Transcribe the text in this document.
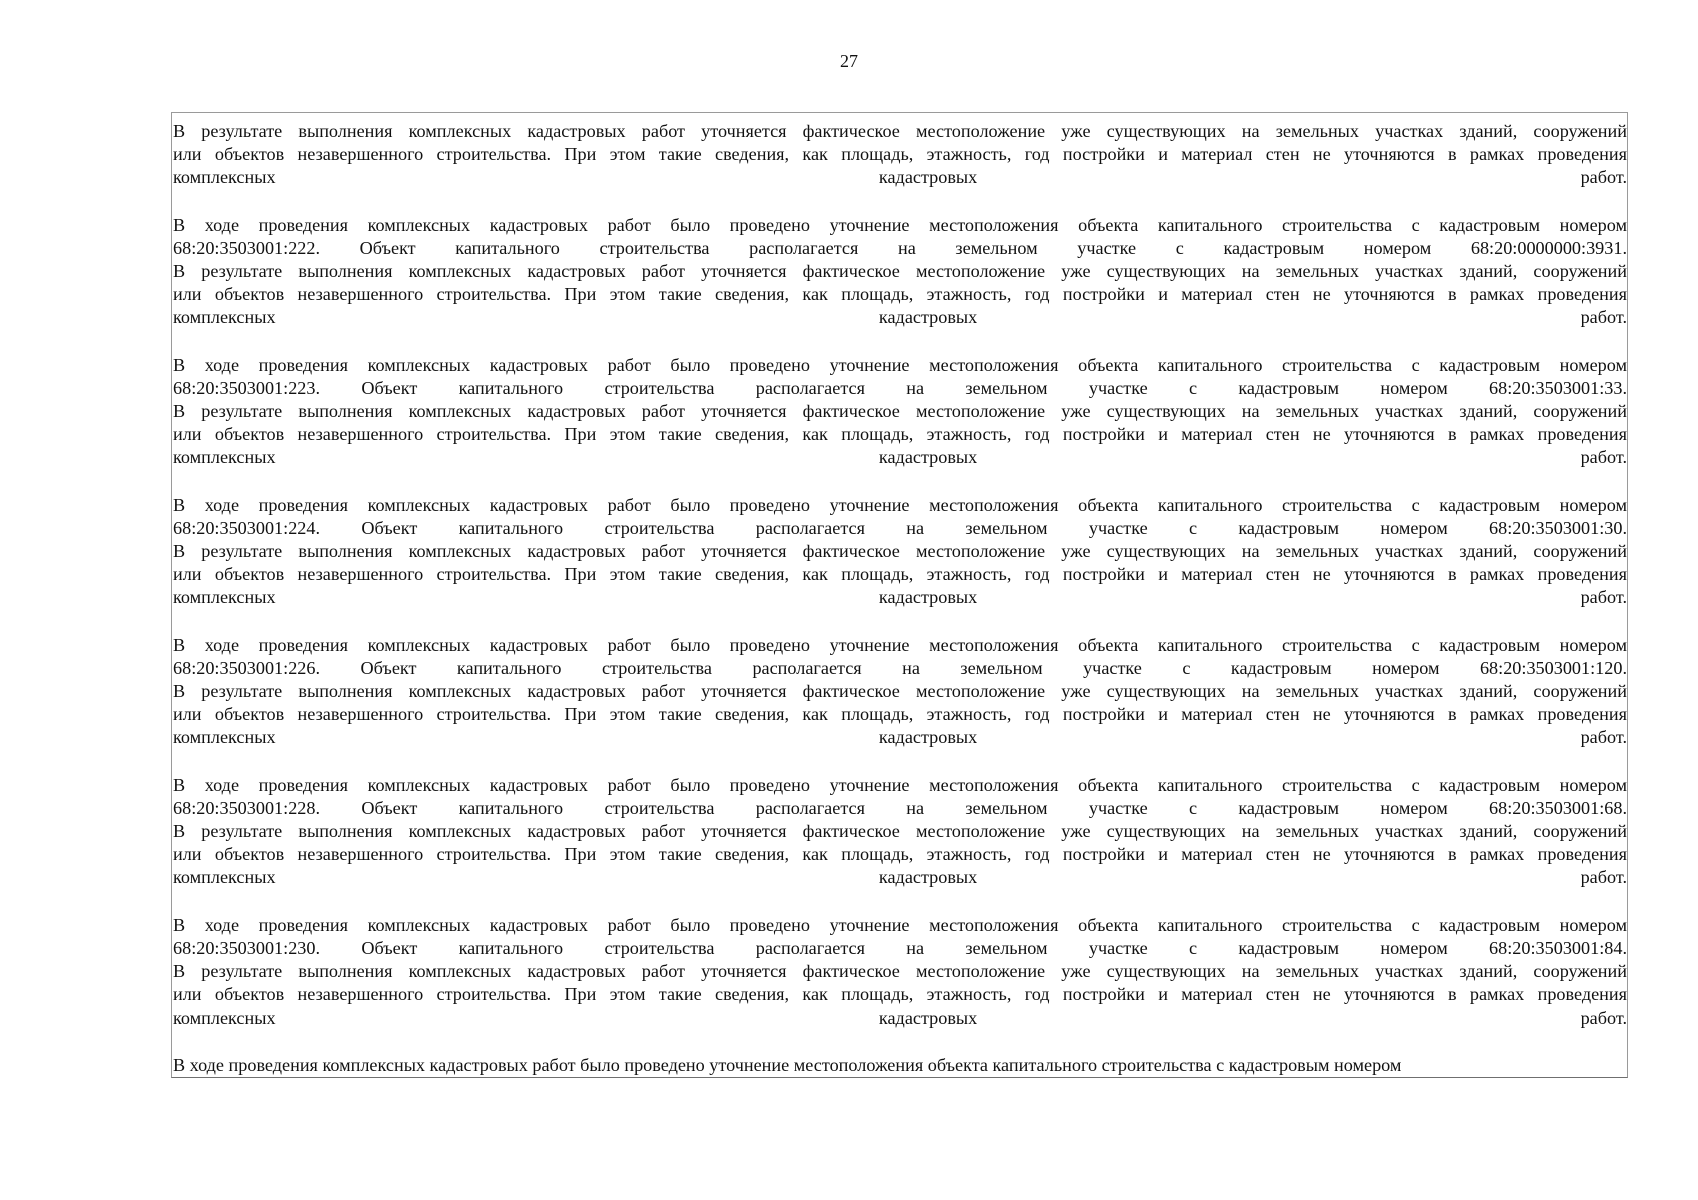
27
В результате выполнения комплексных кадастровых работ уточняется фактическое местоположение уже существующих на земельных участках зданий, сооружений
или объектов незавершенного строительства. При этом такие сведения, как площадь, этажность, год постройки и материал стен не уточняются в рамках проведения
комплексных кадастровых работ.
В ходе проведения комплексных кадастровых работ было проведено уточнение местоположения объекта капитального строительства с кадастровым номером
68:20:3503001:222. Объект капитального строительства располагается на земельном участке с кадастровым номером 68:20:0000000:3931.
В результате выполнения комплексных кадастровых работ уточняется фактическое местоположение уже существующих на земельных участках зданий, сооружений
или объектов незавершенного строительства. При этом такие сведения, как площадь, этажность, год постройки и материал стен не уточняются в рамках проведения
комплексных кадастровых работ.
В ходе проведения комплексных кадастровых работ было проведено уточнение местоположения объекта капитального строительства с кадастровым номером
68:20:3503001:223. Объект капитального строительства располагается на земельном участке с кадастровым номером 68:20:3503001:33.
В результате выполнения комплексных кадастровых работ уточняется фактическое местоположение уже существующих на земельных участках зданий, сооружений
или объектов незавершенного строительства. При этом такие сведения, как площадь, этажность, год постройки и материал стен не уточняются в рамках проведения
комплексных кадастровых работ.
В ходе проведения комплексных кадастровых работ было проведено уточнение местоположения объекта капитального строительства с кадастровым номером
68:20:3503001:224. Объект капитального строительства располагается на земельном участке с кадастровым номером 68:20:3503001:30.
В результате выполнения комплексных кадастровых работ уточняется фактическое местоположение уже существующих на земельных участках зданий, сооружений
или объектов незавершенного строительства. При этом такие сведения, как площадь, этажность, год постройки и материал стен не уточняются в рамках проведения
комплексных кадастровых работ.
В ходе проведения комплексных кадастровых работ было проведено уточнение местоположения объекта капитального строительства с кадастровым номером
68:20:3503001:226. Объект капитального строительства располагается на земельном участке с кадастровым номером 68:20:3503001:120.
В результате выполнения комплексных кадастровых работ уточняется фактическое местоположение уже существующих на земельных участках зданий, сооружений
или объектов незавершенного строительства. При этом такие сведения, как площадь, этажность, год постройки и материал стен не уточняются в рамках проведения
комплексных кадастровых работ.
В ходе проведения комплексных кадастровых работ было проведено уточнение местоположения объекта капитального строительства с кадастровым номером
68:20:3503001:228. Объект капитального строительства располагается на земельном участке с кадастровым номером 68:20:3503001:68.
В результате выполнения комплексных кадастровых работ уточняется фактическое местоположение уже существующих на земельных участках зданий, сооружений
или объектов незавершенного строительства. При этом такие сведения, как площадь, этажность, год постройки и материал стен не уточняются в рамках проведения
комплексных кадастровых работ.
В ходе проведения комплексных кадастровых работ было проведено уточнение местоположения объекта капитального строительства с кадастровым номером
68:20:3503001:230. Объект капитального строительства располагается на земельном участке с кадастровым номером 68:20:3503001:84.
В результате выполнения комплексных кадастровых работ уточняется фактическое местоположение уже существующих на земельных участках зданий, сооружений
или объектов незавершенного строительства. При этом такие сведения, как площадь, этажность, год постройки и материал стен не уточняются в рамках проведения
комплексных кадастровых работ.
В ходе проведения комплексных кадастровых работ было проведено уточнение местоположения объекта капитального строительства с кадастровым номером
